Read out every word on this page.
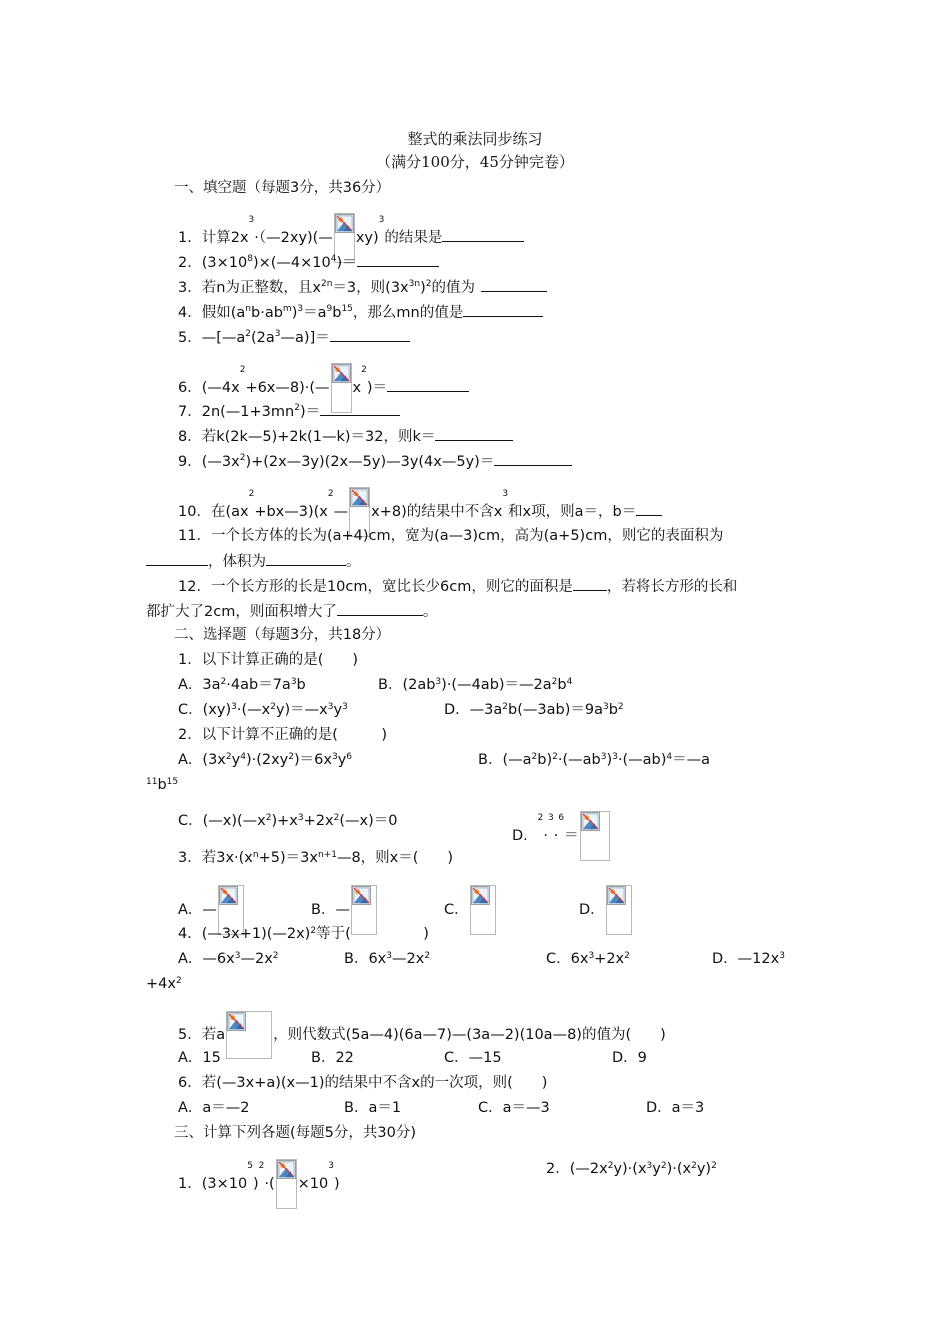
整式的乘法同步练习
（满分100分，45分钟完卷）
一、填空题（每题3分，共36分）
1．计算$2x^3\cdot(—2xy)(—$ xy)$^3$的结果是
2．$(3\times 10^8)\times(—4\times 10^4)=$
3．若n为正整数，且$x^{2n}=3$，则$(3x^{3n})^2$的值为
4．假如$(a^nb\cdot ab^m)^3=a^9b^{15}$，那么mn的值是
5．$—[—a^2(2a^3—a)]=$
6．$(—4x^2+6x—8)\cdot(—$ $x^2)=$
7．$2n(—1+3mn^2)=$
8．若k(2k—5)+2k(1—k)＝32，则k＝
9．$(—3x^2)+(2x—3y)(2x—5y)—3y(4x—5y)=$
10．在$(ax^2+bx—3)(x^2—$ x+8)的结果中不含$x^3$和x项，则a＝，b＝
11．一个长方体的长为(a+4)cm，宽为(a—3)cm，高为(a+5)cm，则它的表面积为
，体积为	。
12．一个长方形的长是10cm，宽比长少6cm，则它的面积是 ，若将长方形的长和
都扩大了2cm，则面积增大了	。
二、选择题（每题3分，共18分）
1．以下计算正确的是(　　)
A．$3a^2\cdot 4ab=7a^3b$	B．$(2ab^3)\cdot(—4ab)=—2a^2b^4$
C．$(xy)^3\cdot(—x^2y)=—x^3y^3$	D．$—3a^2b(—3ab)=9a^3b^2$
2．以下计算不正确的是(　　　)
A．$(3x^2y^4)\cdot(2xy^2)=6x^3y^6$	B．$(—a^2b)^2\cdot(—ab^3)^3\cdot(—ab)^4=—a$
$^{11}b^{15}$
C．$(—x)(—x^2)+x^3+2x^2(—x)=0$
D．$^2$·$^3$·$^6$＝
3．若$3x\cdot(x^n+5)=3x^{n+1}—8$，则x＝(　　)
A．—	B．—	C．	D．
4．(—3x+1)(—2x)$^2$等于(　　　　　)
A．$—6x^3—2x^2$	B．$6x^3—2x^2$	C．$6x^3+2x^2$	D．$—12x^3$
$+4x^2$
5．若a	，则代数式(5a—4)(6a—7)—(3a—2)(10a—8)的值为(　　)
A．15	B．22	C．—15	D．9
6．若(—3x+a)(x—1)的结果中不含x的一次项，则(　　)
A．a＝—2	B．a＝1	C．a＝—3	D．a＝3
三、计算下列各题(每题5分，共30分)
1．$(3\times 10^5)^2\cdot( \times 10^3)$
2．$(—2x^2y)\cdot(x^3y^2)\cdot(x^2y)^2$
